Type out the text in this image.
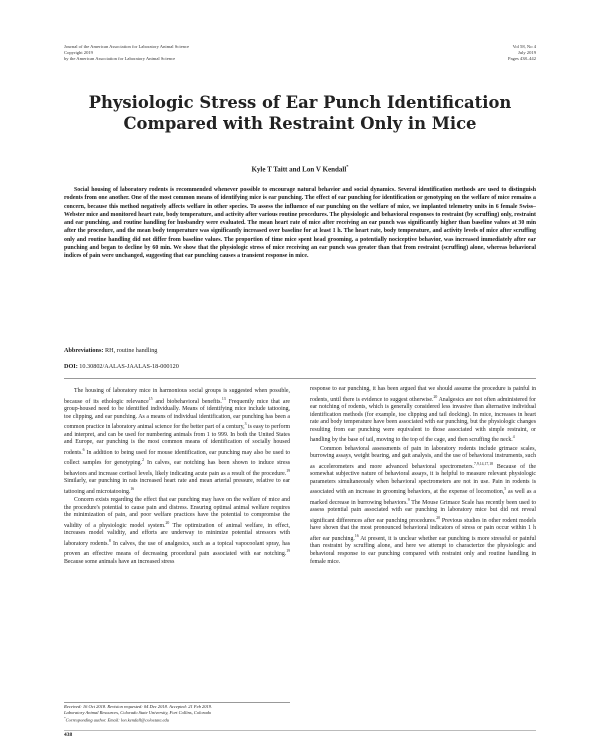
Journal of the American Association for Laboratory Animal Science
Copyright 2019
by the American Association for Laboratory Animal Science
Vol 58, No 4
July 2019
Pages 438–442
Physiologic Stress of Ear Punch Identification
Compared with Restraint Only in Mice
Kyle T Taitt and Lon V Kendall*

Social housing of laboratory rodents is recommended whenever possible to encourage natural behavior and social dynamics. Several identification methods are used to distinguish rodents from one another. One of the most common means of identifying mice is ear punching. The effect of ear punching for identification or genotyping on the welfare of mice remains a concern, because this method negatively affects welfare in other species. To assess the influence of ear punching on the welfare of mice, we implanted telemetry units in 6 female Swiss–Webster mice and monitored heart rate, body temperature, and activity after various routine procedures. The physiologic and behavioral responses to restraint (by scruffing) only, restraint and ear punching, and routine handling for husbandry were evaluated. The mean heart rate of mice after receiving an ear punch was significantly higher than baseline values at 30 min after the procedure, and the mean body temperature was significantly increased over baseline for at least 1 h. The heart rate, body temperature, and activity levels of mice after scruffing only and routine handling did not differ from baseline values. The proportion of time mice spent head grooming, a potentially nociceptive behavior, was increased immediately after ear punching and began to decline by 60 min. We show that the physiologic stress of mice receiving an ear punch was greater than that from restraint (scruffing) alone, whereas behavioral indices of pain were unchanged, suggesting that ear punching causes a transient response in mice.

Abbreviations: RH, routine handling
DOI: 10.30802/AALAS-JAALAS-18-000120

The housing of laboratory mice in harmonious social groups is suggested when possible, because of its ethologic relevance$^{15}$ and biobehavioral benefits.$^{13}$ Frequently mice that are group-housed need to be identified individually. Means of identifying mice include tattooing, toe clipping, and ear punching. As a means of individual identification, ear punching has been a common practice in laboratory animal science for the better part of a century,$^3$ is easy to perform and interpret, and can be used for numbering animals from 1 to 999. In both the United States and Europe, ear punching is the most common means of identification of socially housed rodents.$^6$ In addition to being used for mouse identification, ear punching may also be used to collect samples for genotyping.$^2$ In calves, ear notching has been shown to induce stress behaviors and increase cortisol levels, likely indicating acute pain as a result of the procedure.$^{19}$ Similarly, ear punching in rats increased heart rate and mean arterial pressure, relative to ear tattooing and microtatooing.$^{16}$

Concern exists regarding the effect that ear punching may have on the welfare of mice and the procedure's potential to cause pain and distress. Ensuring optimal animal welfare requires the minimization of pain, and poor welfare practices have the potential to compromise the validity of a physiologic model system.$^{20}$ The optimization of animal welfare, in effect, increases model validity, and efforts are underway to minimize potential stressors with laboratory rodents.$^8$ In calves, the use of analgesics, such as a topical vapocoolant spray, has proven an effective means of decreasing procedural pain associated with ear notching.$^{19}$ Because some animals have an increased stress

response to ear punching, it has been argued that we should assume the procedure is painful in rodents, until there is evidence to suggest otherwise.$^{20}$ Analgesics are not often administered for ear notching of rodents, which is generally considered less invasive than alternative individual identification methods (for example, toe clipping and tail docking). In mice, increases in heart rate and body temperature have been associated with ear punching, but the physiologic changes resulting from ear punching were equivalent to those associated with simple restraint, or handling by the base of tail, moving to the top of the cage, and then scruffing the neck.$^4$

Common behavioral assessments of pain in laboratory rodents include grimace scales, burrowing assays, weight bearing, and gait analysis, and the use of behavioral instruments, such as accelerometers and more advanced behavioral spectrometers.$^{7,9,14,17,18}$ Because of the somewhat subjective nature of behavioral assays, it is helpful to measure relevant physiologic parameters simultaneously when behavioral spectrometers are not in use. Pain in rodents is associated with an increase in grooming behaviors, at the expense of locomotion,$^5$ as well as a marked decrease in burrowing behaviors.$^9$ The Mouse Grimace Scale has recently been used to assess potential pain associated with ear punching in laboratory mice but did not reveal significant differences after ear punching procedures.$^{20}$ Previous studies in other rodent models have shown that the most pronounced behavioral indicators of stress or pain occur within 1 h after ear punching.$^{16}$ At present, it is unclear whether ear punching is more stressful or painful than restraint by scruffing alone, and here we attempt to characterize the physiologic and behavioral response to ear punching compared with restraint only and routine handling in female mice.

Received: 16 Oct 2018. Revision requested: 04 Dec 2018. Accepted: 21 Feb 2019.
Laboratory Animal Resources, Colorado State University, Fort Collins, Colorado
*Corresponding author. Email: lon.kendall@colostate.edu
438
